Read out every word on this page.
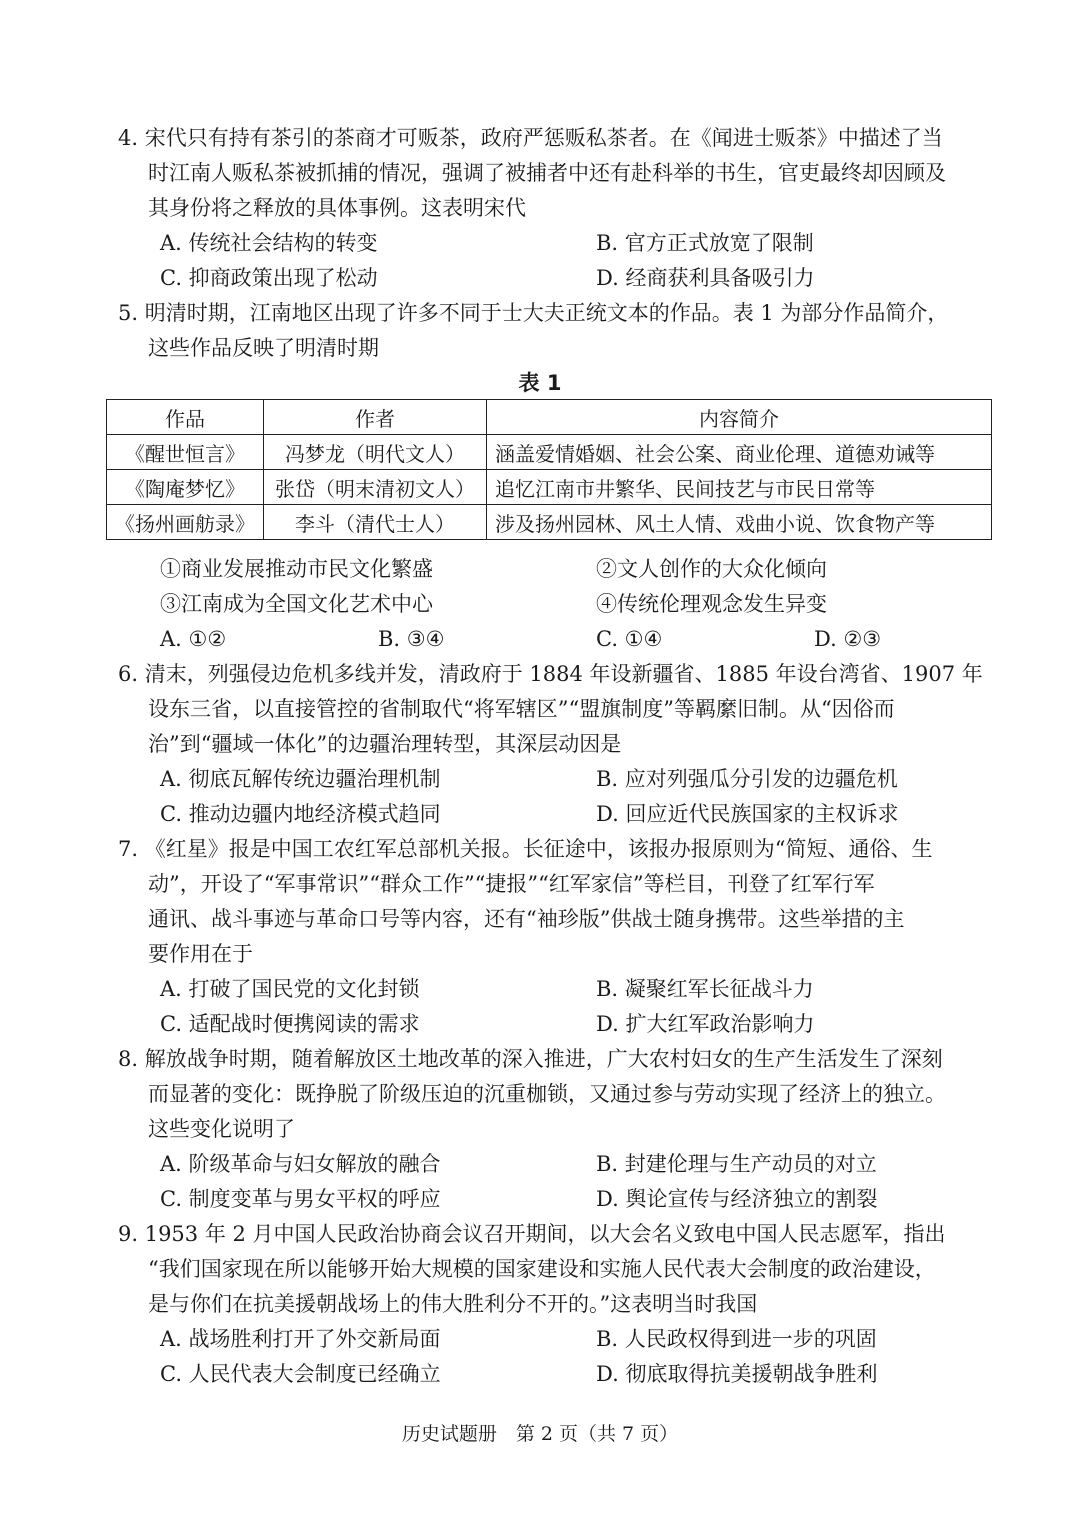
4. 宋代只有持有茶引的茶商才可贩茶，政府严惩贩私茶者。在《闻进士贩茶》中描述了当
时江南人贩私茶被抓捕的情况，强调了被捕者中还有赴科举的书生，官吏最终却因顾及
其身份将之释放的具体事例。这表明宋代
A. 传统社会结构的转变	B. 官方正式放宽了限制
C. 抑商政策出现了松动	D. 经商获利具备吸引力
5. 明清时期，江南地区出现了许多不同于士大夫正统文本的作品。表 1 为部分作品简介，
这些作品反映了明清时期
表 1
作品	作者	内容简介
《醒世恒言》	冯梦龙（明代文人）	涵盖爱情婚姻、社会公案、商业伦理、道德劝诫等
《陶庵梦忆》	张岱（明末清初文人）	追忆江南市井繁华、民间技艺与市民日常等
《扬州画舫录》	李斗（清代士人）	涉及扬州园林、风土人情、戏曲小说、饮食物产等
①商业发展推动市民文化繁盛	②文人创作的大众化倾向
③江南成为全国文化艺术中心	④传统伦理观念发生异变
A. ①②	B. ③④	C. ①④	D. ②③
6. 清末，列强侵边危机多线并发，清政府于 1884 年设新疆省、1885 年设台湾省、1907 年
设东三省，以直接管控的省制取代“将军辖区”“盟旗制度”等羁縻旧制。从“因俗而
治”到“疆域一体化”的边疆治理转型，其深层动因是
A. 彻底瓦解传统边疆治理机制	B. 应对列强瓜分引发的边疆危机
C. 推动边疆内地经济模式趋同	D. 回应近代民族国家的主权诉求
7. 《红星》报是中国工农红军总部机关报。长征途中，该报办报原则为“简短、通俗、生
动”，开设了“军事常识”“群众工作”“捷报”“红军家信”等栏目，刊登了红军行军
通讯、战斗事迹与革命口号等内容，还有“袖珍版”供战士随身携带。这些举措的主
要作用在于
A. 打破了国民党的文化封锁	B. 凝聚红军长征战斗力
C. 适配战时便携阅读的需求	D. 扩大红军政治影响力
8. 解放战争时期，随着解放区土地改革的深入推进，广大农村妇女的生产生活发生了深刻
而显著的变化：既挣脱了阶级压迫的沉重枷锁，又通过参与劳动实现了经济上的独立。
这些变化说明了
A. 阶级革命与妇女解放的融合	B. 封建伦理与生产动员的对立
C. 制度变革与男女平权的呼应	D. 舆论宣传与经济独立的割裂
9. 1953 年 2 月中国人民政治协商会议召开期间，以大会名义致电中国人民志愿军，指出
“我们国家现在所以能够开始大规模的国家建设和实施人民代表大会制度的政治建设，
是与你们在抗美援朝战场上的伟大胜利分不开的。”这表明当时我国
A. 战场胜利打开了外交新局面	B. 人民政权得到进一步的巩固
C. 人民代表大会制度已经确立	D. 彻底取得抗美援朝战争胜利
历史试题册　第 2 页（共 7 页）
